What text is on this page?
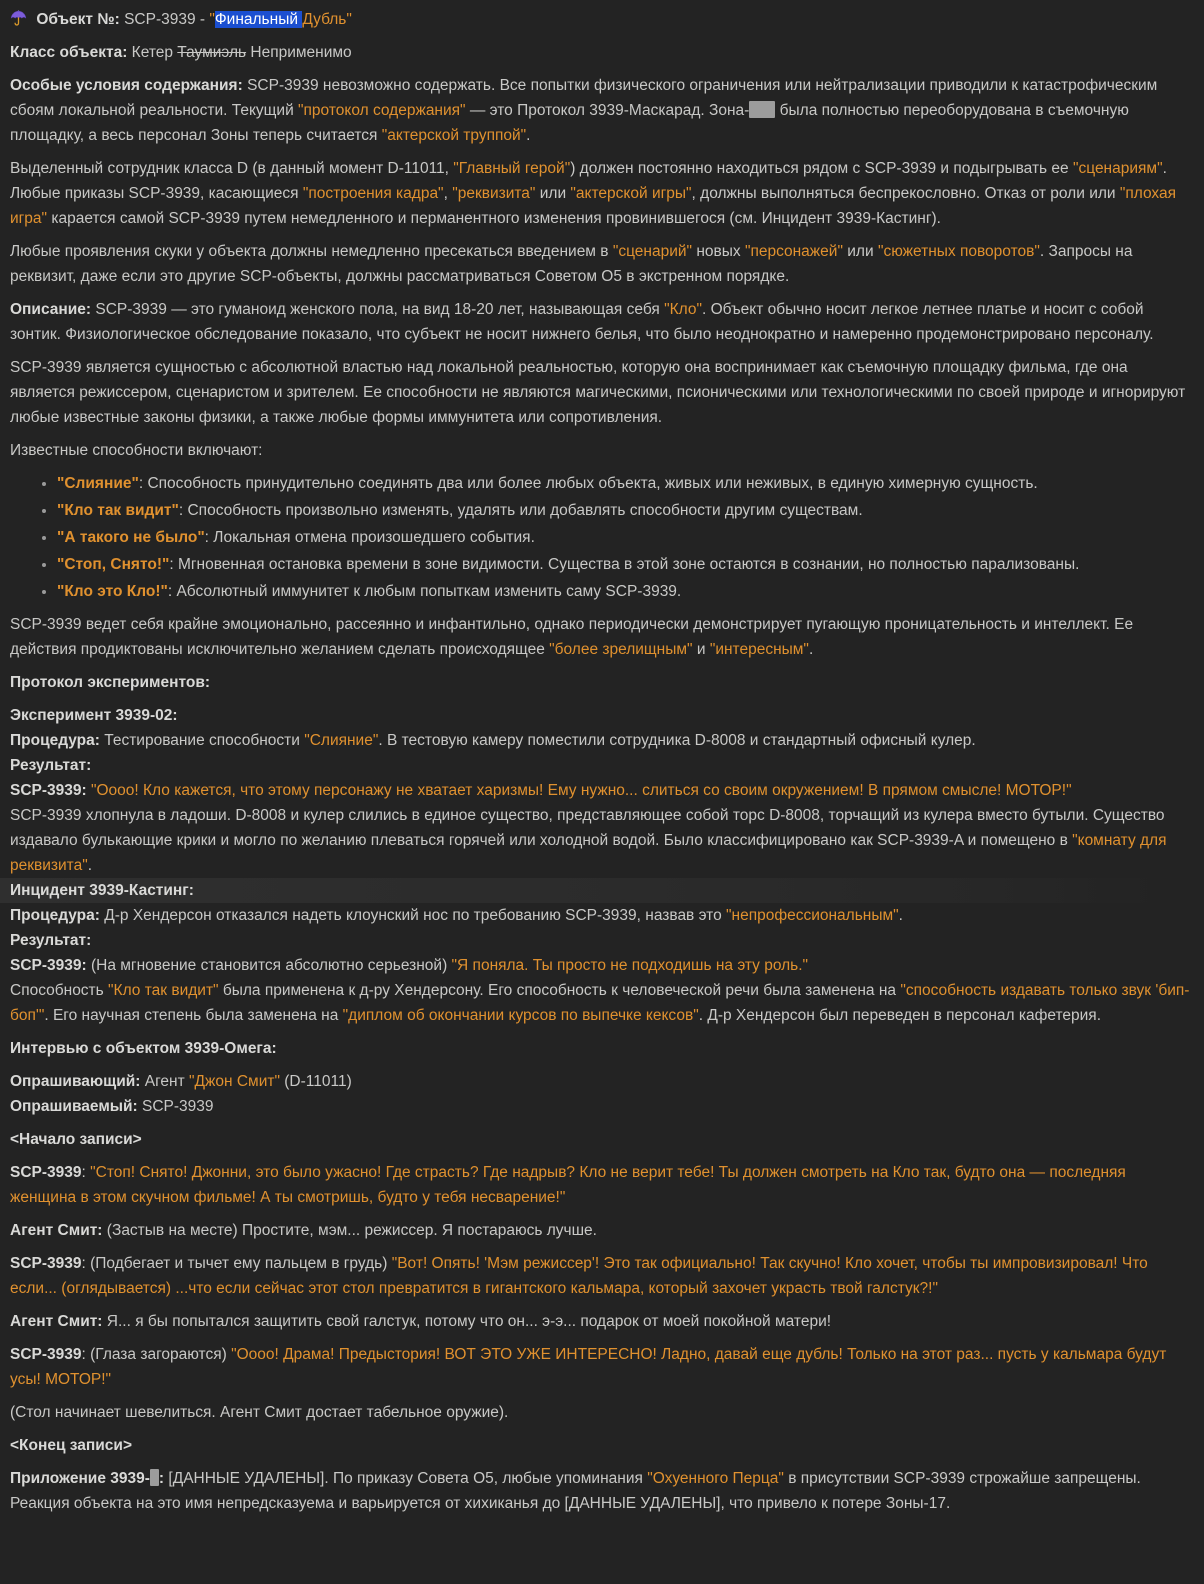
Объект №: SCP-3939 - "Финальный Дубль"

Класс объекта: Кетер Таумиэль Неприменимо

Особые условия содержания: SCP-3939 невозможно содержать. Все попытки физического ограничения или нейтрализации приводили к катастрофическим сбоям локальной реальности. Текущий "протокол содержания" — это Протокол 3939-Маскарад. Зона- была полностью переоборудована в съемочную площадку, а весь персонал Зоны теперь считается "актерской труппой".

Выделенный сотрудник класса D (в данный момент D-11011, "Главный герой") должен постоянно находиться рядом с SCP-3939 и подыгрывать ее "сценариям". Любые приказы SCP-3939, касающиеся "построения кадра", "реквизита" или "актерской игры", должны выполняться беспрекословно. Отказ от роли или "плохая игра" карается самой SCP-3939 путем немедленного и перманентного изменения провинившегося (см. Инцидент 3939-Кастинг).

Любые проявления скуки у объекта должны немедленно пресекаться введением в "сценарий" новых "персонажей" или "сюжетных поворотов". Запросы на реквизит, даже если это другие SCP-объекты, должны рассматриваться Советом O5 в экстренном порядке.

Описание: SCP-3939 — это гуманоид женского пола, на вид 18-20 лет, называющая себя "Кло". Объект обычно носит легкое летнее платье и носит с собой зонтик. Физиологическое обследование показало, что субъект не носит нижнего белья, что было неоднократно и намеренно продемонстрировано персоналу.

SCP-3939 является сущностью с абсолютной властью над локальной реальностью, которую она воспринимает как съемочную площадку фильма, где она является режиссером, сценаристом и зрителем. Ее способности не являются магическими, псионическими или технологическими по своей природе и игнорируют любые известные законы физики, а также любые формы иммунитета или сопротивления.

Известные способности включают:

• "Слияние": Способность принудительно соединять два или более любых объекта, живых или неживых, в единую химерную сущность.
• "Кло так видит": Способность произвольно изменять, удалять или добавлять способности другим существам.
• "А такого не было": Локальная отмена произошедшего события.
• "Стоп, Снято!": Мгновенная остановка времени в зоне видимости. Существа в этой зоне остаются в сознании, но полностью парализованы.
• "Кло это Кло!": Абсолютный иммунитет к любым попыткам изменить саму SCP-3939.

SCP-3939 ведет себя крайне эмоционально, рассеянно и инфантильно, однако периодически демонстрирует пугающую проницательность и интеллект. Ее действия продиктованы исключительно желанием сделать происходящее "более зрелищным" и "интересным".

Протокол экспериментов:

Эксперимент 3939-02:
Процедура: Тестирование способности "Слияние". В тестовую камеру поместили сотрудника D-8008 и стандартный офисный кулер.
Результат:
SCP-3939: "Оооо! Кло кажется, что этому персонажу не хватает харизмы! Ему нужно... слиться со своим окружением! В прямом смысле! МОТОР!"
SCP-3939 хлопнула в ладоши. D-8008 и кулер слились в единое существо, представляющее собой торс D-8008, торчащий из кулера вместо бутыли. Существо издавало булькающие крики и могло по желанию плеваться горячей или холодной водой. Было классифицировано как SCP-3939-A и помещено в "комнату для реквизита".

Инцидент 3939-Кастинг:

Процедура: Д-р Хендерсон отказался надеть клоунский нос по требованию SCP-3939, назвав это "непрофессиональным".
Результат:
SCP-3939: (На мгновение становится абсолютно серьезной) "Я поняла. Ты просто не подходишь на эту роль."
Способность "Кло так видит" была применена к д-ру Хендерсону. Его способность к человеческой речи была заменена на "способность издавать только звук 'бип-боп'". Его научная степень была заменена на "диплом об окончании курсов по выпечке кексов". Д-р Хендерсон был переведен в персонал кафетерия.

Интервью с объектом 3939-Омега:

Опрашивающий: Агент "Джон Смит" (D-11011)
Опрашиваемый: SCP-3939

<Начало записи>

SCP-3939: "Стоп! Снято! Джонни, это было ужасно! Где страсть? Где надрыв? Кло не верит тебе! Ты должен смотреть на Кло так, будто она — последняя женщина в этом скучном фильме! А ты смотришь, будто у тебя несварение!"

Агент Смит: (Застыв на месте) Простите, мэм... режиссер. Я постараюсь лучше.

SCP-3939: (Подбегает и тычет ему пальцем в грудь) "Вот! Опять! 'Мэм режиссер'! Это так официально! Так скучно! Кло хочет, чтобы ты импровизировал! Что если... (оглядывается) ...что если сейчас этот стол превратится в гигантского кальмара, который захочет украсть твой галстук?!"

Агент Смит: Я... я бы попытался защитить свой галстук, потому что он... э-э... подарок от моей покойной матери!

SCP-3939: (Глаза загораются) "Оооо! Драма! Предыстория! ВОТ ЭТО УЖЕ ИНТЕРЕСНО! Ладно, давай еще дубль! Только на этот раз... пусть у кальмара будут усы! МОТОР!"

(Стол начинает шевелиться. Агент Смит достает табельное оружие).

<Конец записи>

Приложение 3939- : [ДАННЫЕ УДАЛЕНЫ]. По приказу Совета O5, любые упоминания "Охуенного Перца" в присутствии SCP-3939 строжайше запрещены. Реакция объекта на это имя непредсказуема и варьируется от хихиканья до [ДАННЫЕ УДАЛЕНЫ], что привело к потере Зоны-17.
